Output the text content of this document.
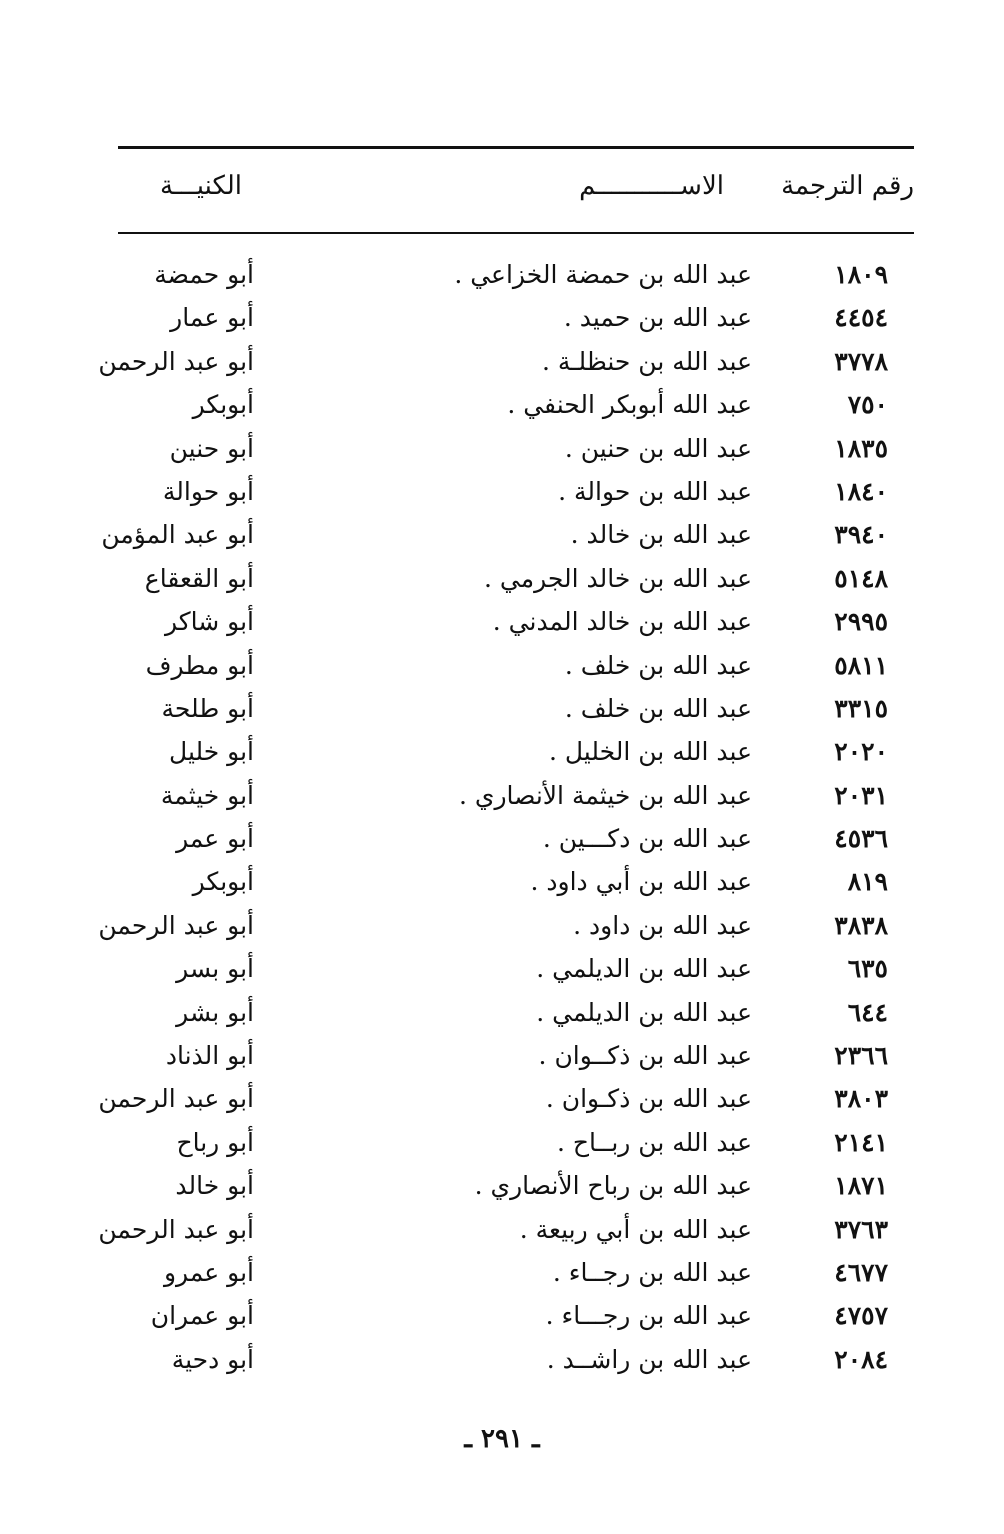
رقم الترجمة
الاســـــــــــم
الكنيـــة
١٨٠٩
عبد الله بن حمضة الخزاعي .
أبو حمضة
٤٤٥٤
عبد الله بن حميد .
أبو عمار
٣٧٧٨
عبد الله بن حنظلـة .
أبو عبد الرحمن
٧٥٠
عبد الله أبوبكر الحنفي .
أبوبكر
١٨٣٥
عبد الله بن حنين .
أبو حنين
١٨٤٠
عبد الله بن حوالة .
أبو حوالة
٣٩٤٠
عبد الله بن خالد .
أبو عبد المؤمن
٥١٤٨
عبد الله بن خالد الجرمي .
أبو القعقاع
٢٩٩٥
عبد الله بن خالد المدني .
أبو شاكر
٥٨١١
عبد الله بن خلف .
أبو مطرف
٣٣١٥
عبد الله بن خلف .
أبو طلحة
٢٠٢٠
عبد الله بن الخليل .
أبو خليل
٢٠٣١
عبد الله بن خيثمة الأنصاري .
أبو خيثمة
٤٥٣٦
عبد الله بن دكـــين .
أبو عمر
٨١٩
عبد الله بن أبي داود .
أبوبكر
٣٨٣٨
عبد الله بن داود .
أبو عبد الرحمن
٦٣٥
عبد الله بن الديلمي .
أبو بسر
٦٤٤
عبد الله بن الديلمي .
أبو بشر
٢٣٦٦
عبد الله بن ذكــوان .
أبو الذناد
٣٨٠٣
عبد الله بن ذكـوان .
أبو عبد الرحمن
٢١٤١
عبد الله بن ربــاح .
أبو رباح
١٨٧١
عبد الله بن رباح الأنصاري .
أبو خالد
٣٧٦٣
عبد الله بن أبي ربيعة .
أبو عبد الرحمن
٤٦٧٧
عبد الله بن رجــاء .
أبو عمرو
٤٧٥٧
عبد الله بن رجـــاء .
أبو عمران
٢٠٨٤
عبد الله بن راشــد .
أبو دحية
ـ ٢٩١ ـ
